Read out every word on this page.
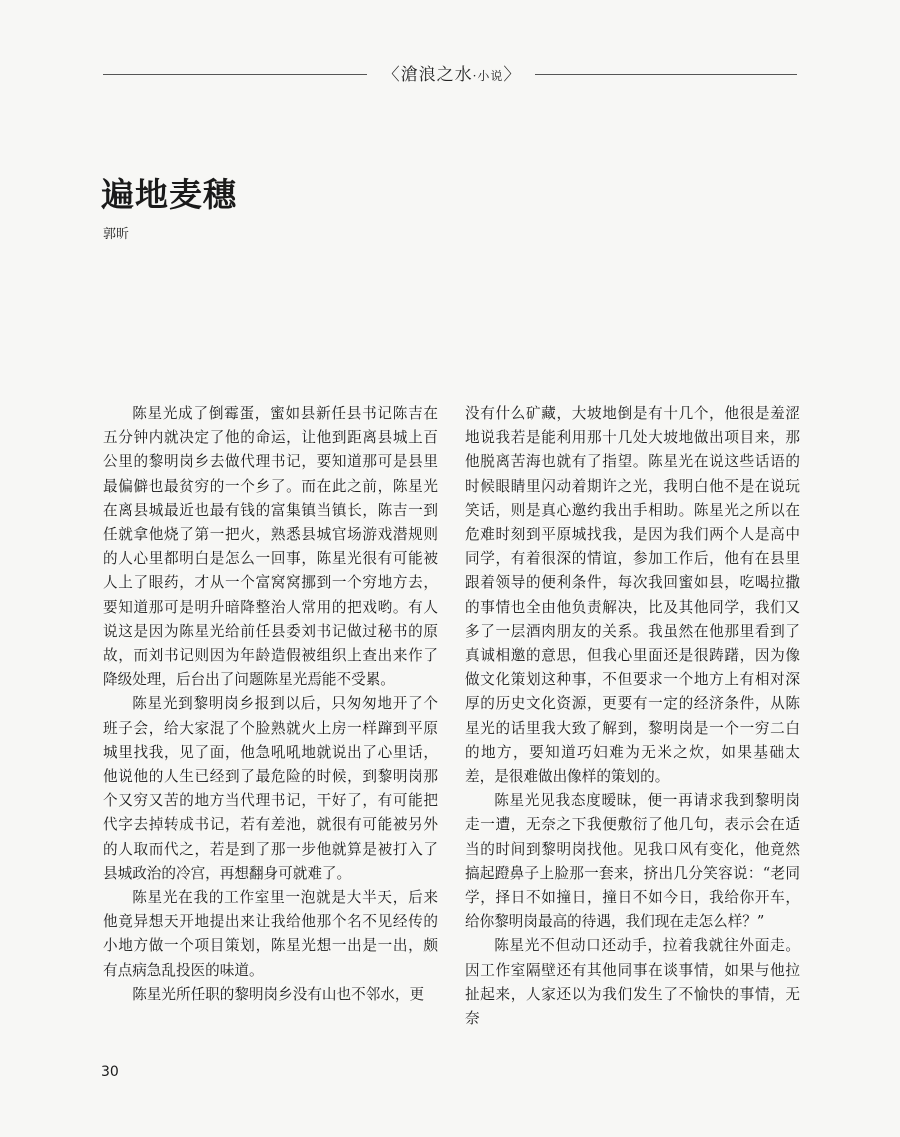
〈滄浪之水·小说〉
遍地麦穗
郭昕

陈星光成了倒霉蛋，蜜如县新任县书记陈吉在五分钟内就决定了他的命运，让他到距离县城上百公里的黎明岗乡去做代理书记，要知道那可是县里最偏僻也最贫穷的一个乡了。而在此之前，陈星光在离县城最近也最有钱的富集镇当镇长，陈吉一到任就拿他烧了第一把火，熟悉县城官场游戏潜规则的人心里都明白是怎么一回事，陈星光很有可能被人上了眼药，才从一个富窝窝挪到一个穷地方去，要知道那可是明升暗降整治人常用的把戏哟。有人说这是因为陈星光给前任县委刘书记做过秘书的原故，而刘书记则因为年龄造假被组织上查出来作了降级处理，后台出了问题陈星光焉能不受累。

陈星光到黎明岗乡报到以后，只匆匆地开了个班子会，给大家混了个脸熟就火上房一样蹿到平原城里找我，见了面，他急吼吼地就说出了心里话，他说他的人生已经到了最危险的时候，到黎明岗那个又穷又苦的地方当代理书记，干好了，有可能把代字去掉转成书记，若有差池，就很有可能被另外的人取而代之，若是到了那一步他就算是被打入了县城政治的冷宫，再想翻身可就难了。

陈星光在我的工作室里一泡就是大半天，后来他竟异想天开地提出来让我给他那个名不见经传的小地方做一个项目策划，陈星光想一出是一出，颇有点病急乱投医的味道。

陈星光所任职的黎明岗乡没有山也不邻水，更

没有什么矿藏，大坡地倒是有十几个，他很是羞涩地说我若是能利用那十几处大坡地做出项目来，那他脱离苦海也就有了指望。陈星光在说这些话语的时候眼睛里闪动着期许之光，我明白他不是在说玩笑话，则是真心邀约我出手相助。陈星光之所以在危难时刻到平原城找我，是因为我们两个人是高中同学，有着很深的情谊，参加工作后，他有在县里跟着领导的便利条件，每次我回蜜如县，吃喝拉撒的事情也全由他负责解决，比及其他同学，我们又多了一层酒肉朋友的关系。我虽然在他那里看到了真诚相邀的意思，但我心里面还是很踌躇，因为像做文化策划这种事，不但要求一个地方上有相对深厚的历史文化资源，更要有一定的经济条件，从陈星光的话里我大致了解到，黎明岗是一个一穷二白的地方，要知道巧妇难为无米之炊，如果基础太差，是很难做出像样的策划的。

陈星光见我态度暧昧，便一再请求我到黎明岗走一遭，无奈之下我便敷衍了他几句，表示会在适当的时间到黎明岗找他。见我口风有变化，他竟然搞起蹬鼻子上脸那一套来，挤出几分笑容说：“老同学，择日不如撞日，撞日不如今日，我给你开车，给你黎明岗最高的待遇，我们现在走怎么样？”

陈星光不但动口还动手，拉着我就往外面走。因工作室隔壁还有其他同事在谈事情，如果与他拉扯起来，人家还以为我们发生了不愉快的事情，无奈

30
